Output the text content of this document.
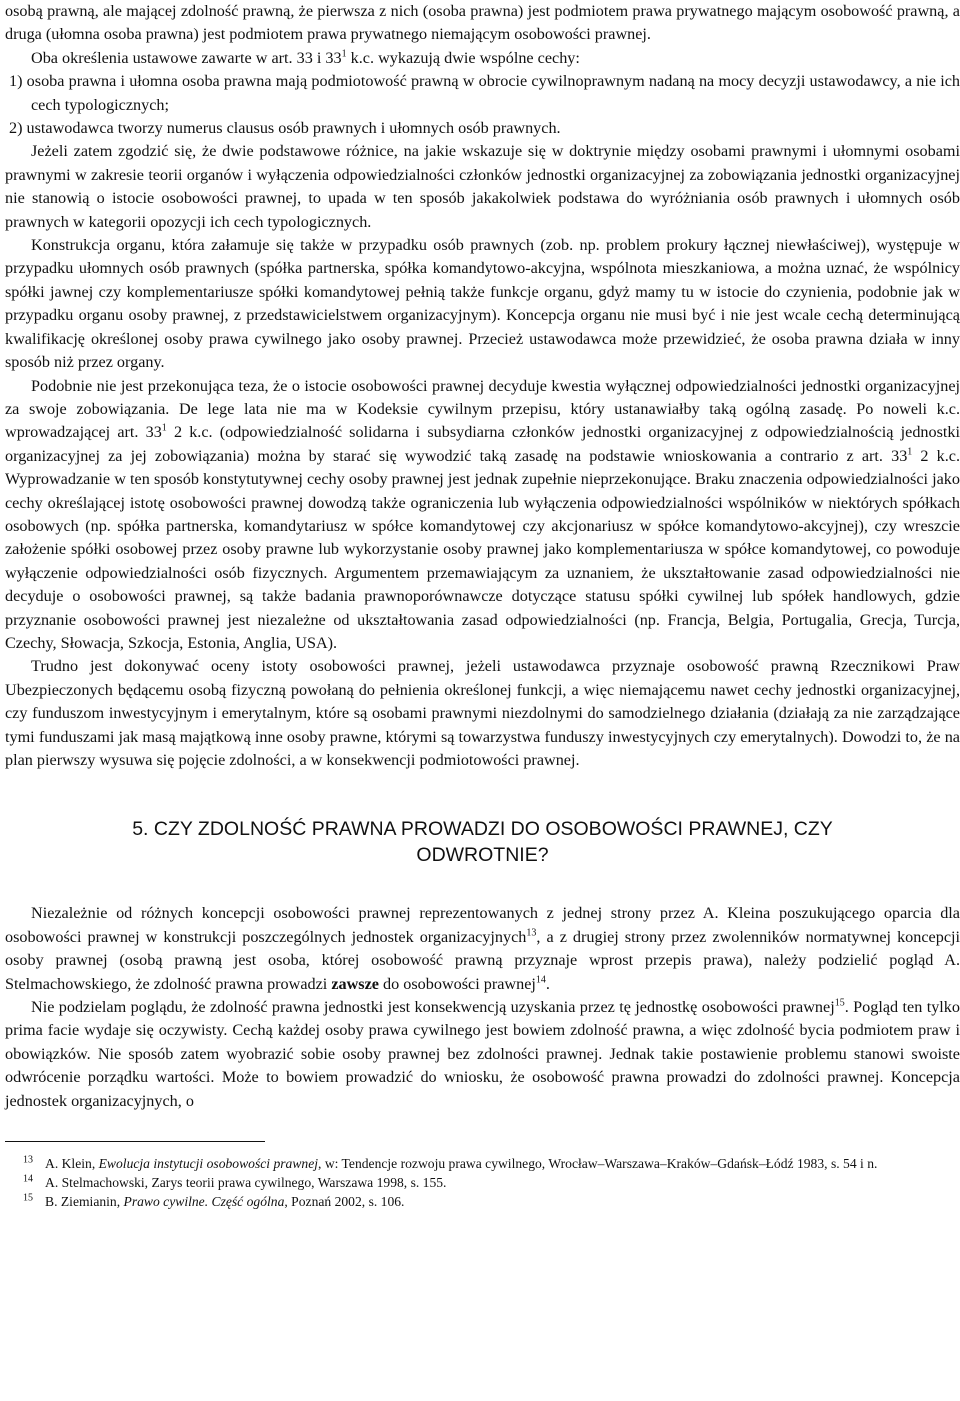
osobą prawną, ale mającej zdolność prawną, że pierwsza z nich (osoba prawna) jest podmiotem prawa prywatnego mającym osobowość prawną, a druga (ułomna osoba prawna) jest podmiotem prawa prywatnego niemającym osobowości prawnej.

Oba określenia ustawowe zawarte w art. 33 i $33^1$ k.c. wykazują dwie wspólne cechy:

1) osoba prawna i ułomna osoba prawna mają podmiotowość prawną w obrocie cywilnoprawnym nadaną na mocy decyzji ustawodawcy, a nie ich cech typologicznych;

2) ustawodawca tworzy numerus clausus osób prawnych i ułomnych osób prawnych.

Jeżeli zatem zgodzić się, że dwie podstawowe różnice, na jakie wskazuje się w doktrynie między osobami prawnymi i ułomnymi osobami prawnymi w zakresie teorii organów i wyłączenia odpowiedzialności członków jednostki organizacyjnej za zobowiązania jednostki organizacyjnej nie stanowią o istocie osobowości prawnej, to upada w ten sposób jakakolwiek podstawa do wyróżniania osób prawnych i ułomnych osób prawnych w kategorii opozycji ich cech typologicznych.

Konstrukcja organu, która załamuje się także w przypadku osób prawnych (zob. np. problem prokury łącznej niewłaściwej), występuje w przypadku ułomnych osób prawnych (spółka partnerska, spółka komandytowo-akcyjna, wspólnota mieszkaniowa, a można uznać, że wspólnicy spółki jawnej czy komplementariusze spółki komandytowej pełnią także funkcje organu, gdyż mamy tu w istocie do czynienia, podobnie jak w przypadku organu osoby prawnej, z przedstawicielstwem organizacyjnym). Koncepcja organu nie musi być i nie jest wcale cechą determinującą kwalifikację określonej osoby prawa cywilnego jako osoby prawnej. Przecież ustawodawca może przewidzieć, że osoba prawna działa w inny sposób niż przez organy.

Podobnie nie jest przekonująca teza, że o istocie osobowości prawnej decyduje kwestia wyłącznej odpowiedzialności jednostki organizacyjnej za swoje zobowiązania. De lege lata nie ma w Kodeksie cywilnym przepisu, który ustanawiałby taką ogólną zasadę. Po noweli k.c. wprowadzającej art. $33^1$ 2 k.c. (odpowiedzialność solidarna i subsydiarna członków jednostki organizacyjnej z odpowiedzialnością jednostki organizacyjnej za jej zobowiązania) można by starać się wywodzić taką zasadę na podstawie wnioskowania a contrario z art. $33^1$ 2 k.c. Wyprowadzanie w ten sposób konstytutywnej cechy osoby prawnej jest jednak zupełnie nieprzekonujące. Braku znaczenia odpowiedzialności jako cechy określającej istotę osobowości prawnej dowodzą także ograniczenia lub wyłączenia odpowiedzialności wspólników w niektórych spółkach osobowych (np. spółka partnerska, komandytariusz w spółce komandytowej czy akcjonariusz w spółce komandytowo-akcyjnej), czy wreszcie założenie spółki osobowej przez osoby prawne lub wykorzystanie osoby prawnej jako komplementariusza w spółce komandytowej, co powoduje wyłączenie odpowiedzialności osób fizycznych. Argumentem przemawiającym za uznaniem, że ukształtowanie zasad odpowiedzialności nie decyduje o osobowości prawnej, są także badania prawnoporównawcze dotyczące statusu spółki cywilnej lub spółek handlowych, gdzie przyznanie osobowości prawnej jest niezależne od ukształtowania zasad odpowiedzialności (np. Francja, Belgia, Portugalia, Grecja, Turcja, Czechy, Słowacja, Szkocja, Estonia, Anglia, USA).

Trudno jest dokonywać oceny istoty osobowości prawnej, jeżeli ustawodawca przyznaje osobowość prawną Rzecznikowi Praw Ubezpieczonych będącemu osobą fizyczną powołaną do pełnienia określonej funkcji, a więc niemającemu nawet cechy jednostki organizacyjnej, czy funduszom inwestycyjnym i emerytalnym, które są osobami prawnymi niezdolnymi do samodzielnego działania (działają za nie zarządzające tymi funduszami jak masą majątkową inne osoby prawne, którymi są towarzystwa funduszy inwestycyjnych czy emerytalnych). Dowodzi to, że na plan pierwszy wysuwa się pojęcie zdolności, a w konsekwencji podmiotowości prawnej.

5. CZY ZDOLNOŚĆ PRAWNA PROWADZI DO OSOBOWOŚCI PRAWNEJ, CZY
ODWROTNIE?

Niezależnie od różnych koncepcji osobowości prawnej reprezentowanych z jednej strony przez A. Kleina poszukującego oparcia dla osobowości prawnej w konstrukcji poszczególnych jednostek organizacyjnych$^{13}$, a z drugiej strony przez zwolenników normatywnej koncepcji osoby prawnej (osobą prawną jest osoba, której osobowość prawną przyznaje wprost przepis prawa), należy podzielić pogląd A. Stelmachowskiego, że zdolność prawna prowadzi zawsze do osobowości prawnej$^{14}$.

Nie podzielam poglądu, że zdolność prawna jednostki jest konsekwencją uzyskania przez tę jednostkę osobowości prawnej$^{15}$. Pogląd ten tylko prima facie wydaje się oczywisty. Cechą każdej osoby prawa cywilnego jest bowiem zdolność prawna, a więc zdolność bycia podmiotem praw i obowiązków. Nie sposób zatem wyobrazić sobie osoby prawnej bez zdolności prawnej. Jednak takie postawienie problemu stanowi swoiste odwrócenie porządku wartości. Może to bowiem prowadzić do wniosku, że osobowość prawna prowadzi do zdolności prawnej. Koncepcja jednostek organizacyjnych, o

$^{13}$ A. Klein, Ewolucja instytucji osobowości prawnej, w: Tendencje rozwoju prawa cywilnego, Wrocław–Warszawa–Kraków–Gdańsk–Łódź 1983, s. 54 i n.

$^{14}$ A. Stelmachowski, Zarys teorii prawa cywilnego, Warszawa 1998, s. 155.

$^{15}$ B. Ziemianin, Prawo cywilne. Część ogólna, Poznań 2002, s. 106.
